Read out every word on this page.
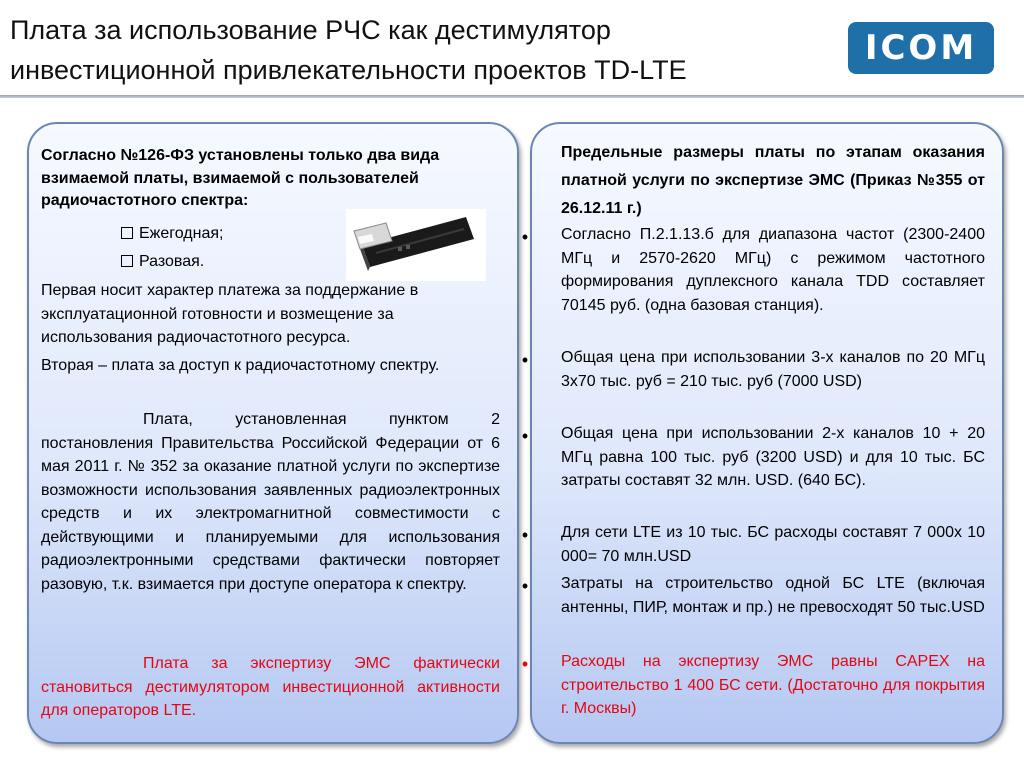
Плата за использование РЧС как дестимулятор
инвестиционной привлекательности проектов TD-LTE
ICOM
Согласно №126-ФЗ установлены только два вида взимаемой платы, взимаемой с пользователей радиочастотного спектра:
Ежегодная;
Разовая.
Первая носит характер платежа за поддержание в эксплуатационной готовности и возмещение за использования радиочастотного ресурса.
Вторая – плата за доступ к радиочастотному спектру.
Плата, установленная пунктом 2 постановления Правительства Российской Федерации от 6 мая 2011 г. № 352 за оказание платной услуги по экспертизе возможности использования заявленных радиоэлектронных средств и их электромагнитной совместимости с действующими и планируемыми для использования радиоэлектронными средствами фактически повторяет разовую, т.к. взимается при доступе оператора к спектру.
Плата за экспертизу ЭМС фактически становиться дестимулятором инвестиционной активности для операторов LTE.
Предельные размеры платы по этапам оказания платной услуги по экспертизе ЭМС (Приказ №355 от 26.12.11 г.)
• Согласно П.2.1.13.б для диапазона частот (2300-2400 МГц и 2570-2620 МГц) с режимом частотного формирования дуплексного канала TDD составляет 70145 руб. (одна базовая станция).
• Общая цена при использовании 3-х каналов по 20 МГц 3х70 тыс. руб = 210 тыс. руб (7000 USD)
• Общая цена при использовании 2-х каналов 10 + 20 МГц равна 100 тыс. руб (3200 USD) и для 10 тыс. БС затраты составят 32 млн. USD. (640 БС).
• Для сети LTE из 10 тыс. БС расходы составят 7 000х 10 000= 70 млн.USD
• Затраты на строительство одной БС LTE (включая антенны, ПИР, монтаж и пр.) не превосходят 50 тыс.USD
• Расходы на экспертизу ЭМС равны CAPEX на строительство 1 400 БС сети. (Достаточно для покрытия г. Москвы)
